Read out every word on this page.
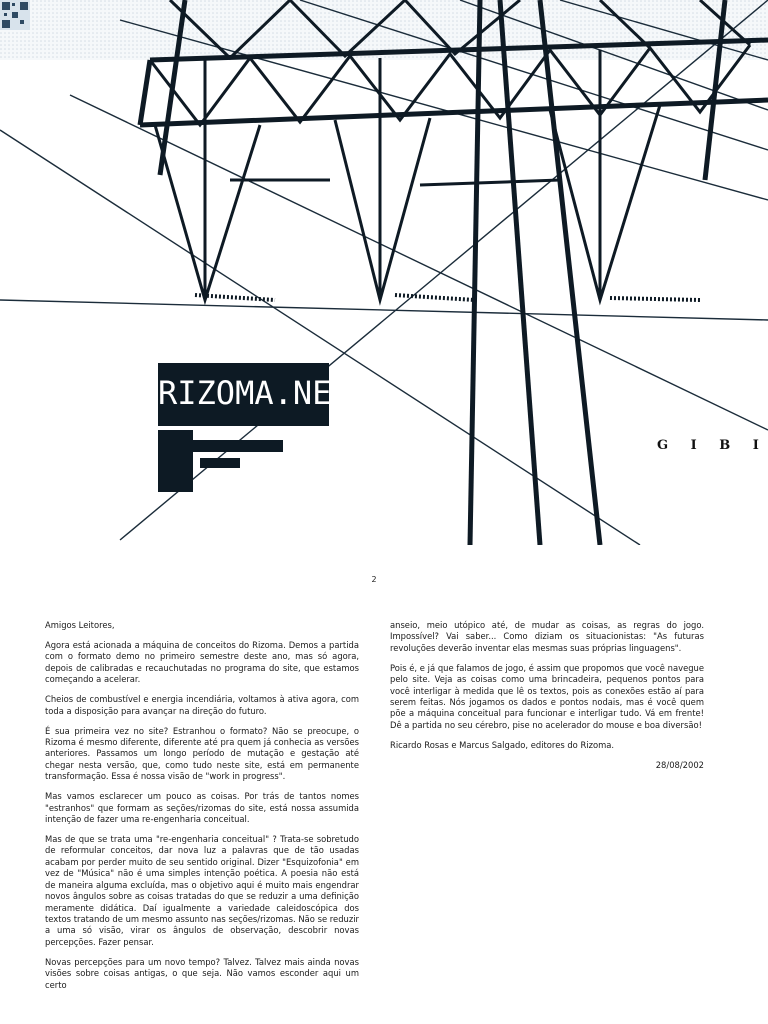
RIZOMA.NET
G I B I
2

Amigos Leitores,

Agora está acionada a máquina de conceitos do Rizoma. Demos a partida com o formato demo no primeiro semestre deste ano, mas só agora, depois de calibradas e recauchutadas no programa do site, que estamos começando a acelerar.

Cheios de combustível e energia incendiária, voltamos à ativa agora, com toda a disposição para avançar na direção do futuro.

É sua primeira vez no site? Estranhou o formato? Não se preocupe, o Rizoma é mesmo diferente, diferente até pra quem já conhecia as versões anteriores. Passamos um longo período de mutação e gestação até chegar nesta versão, que, como tudo neste site, está em permanente transformação. Essa é nossa visão de "work in progress".

Mas vamos esclarecer um pouco as coisas. Por trás de tantos nomes "estranhos" que formam as seções/rizomas do site, está nossa assumida intenção de fazer uma re-engenharia conceitual.

Mas de que se trata uma "re-engenharia conceitual" ? Trata-se sobretudo de reformular conceitos, dar nova luz a palavras que de tão usadas acabam por perder muito de seu sentido original. Dizer "Esquizofonia" em vez de "Música" não é uma simples intenção poética. A poesia não está de maneira alguma excluída, mas o objetivo aqui é muito mais engendrar novos ângulos sobre as coisas tratadas do que se reduzir a uma definição meramente didática. Daí igualmente a variedade caleidoscópica dos textos tratando de um mesmo assunto nas seções/rizomas. Não se reduzir a uma só visão, virar os ângulos de observação, descobrir novas percepções. Fazer pensar.

Novas percepções para um novo tempo? Talvez. Talvez mais ainda novas visões sobre coisas antigas, o que seja. Não vamos esconder aqui um certo

anseio, meio utópico até, de mudar as coisas, as regras do jogo. Impossível? Vai saber... Como diziam os situacionistas: "As futuras revoluções deverão inventar elas mesmas suas próprias linguagens".

Pois é, e já que falamos de jogo, é assim que propomos que você navegue pelo site. Veja as coisas como uma brincadeira, pequenos pontos para você interligar à medida que lê os textos, pois as conexões estão aí para serem feitas. Nós jogamos os dados e pontos nodais, mas é você quem põe a máquina conceitual para funcionar e interligar tudo. Vá em frente! Dê a partida no seu cérebro, pise no acelerador do mouse e boa diversão!

Ricardo Rosas e Marcus Salgado, editores do Rizoma.

28/08/2002
